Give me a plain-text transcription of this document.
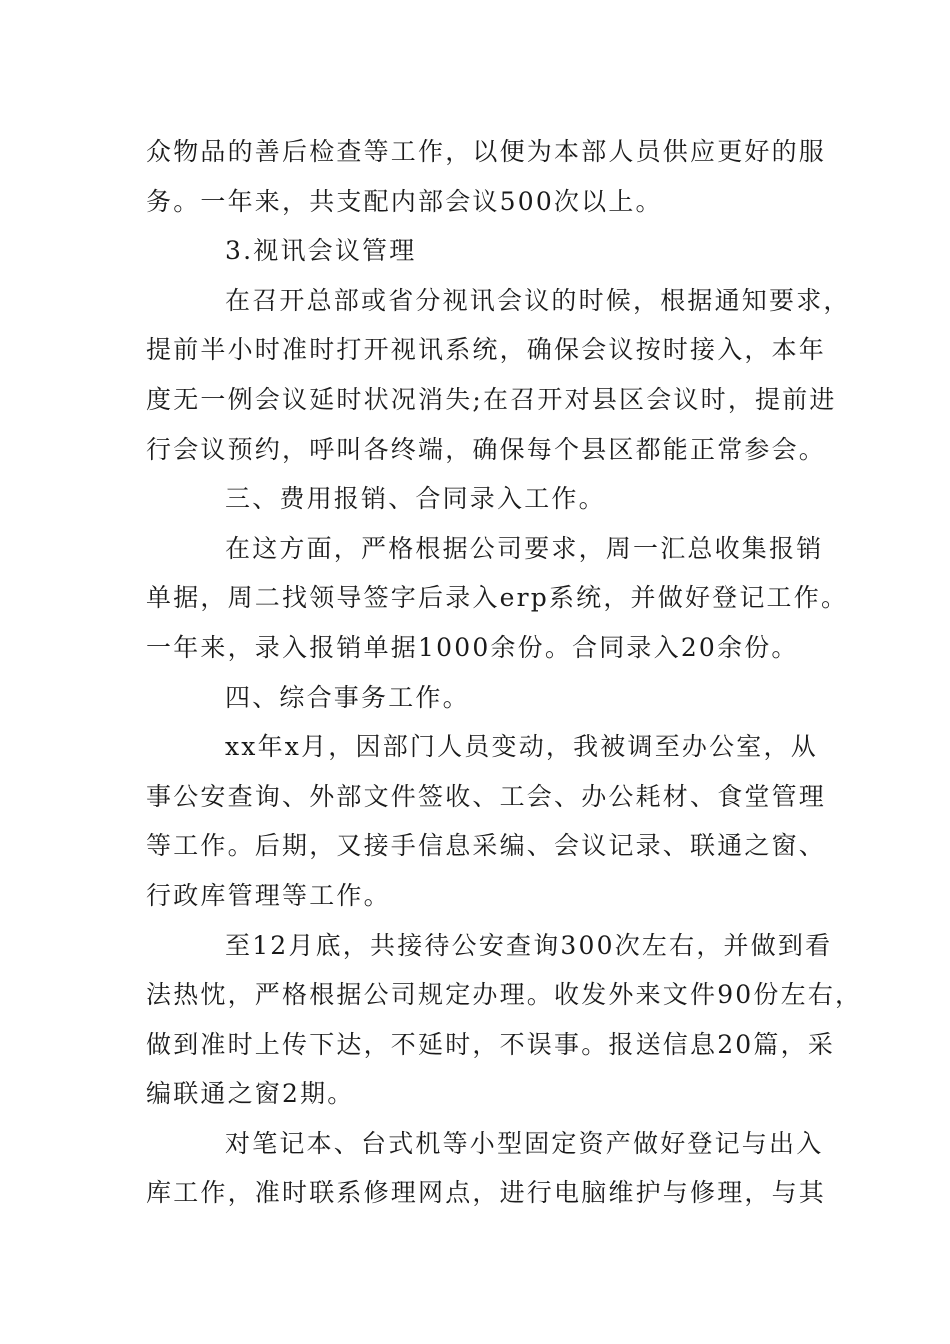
众物品的善后检查等工作，以便为本部人员供应更好的服
务。一年来，共支配内部会议500次以上。
3.视讯会议管理
在召开总部或省分视讯会议的时候，根据通知要求，
提前半小时准时打开视讯系统，确保会议按时接入，本年
度无一例会议延时状况消失;在召开对县区会议时，提前进
行会议预约，呼叫各终端，确保每个县区都能正常参会。
三、费用报销、合同录入工作。
在这方面，严格根据公司要求，周一汇总收集报销
单据，周二找领导签字后录入erp系统，并做好登记工作。
一年来，录入报销单据1000余份。合同录入20余份。
四、综合事务工作。
xx年x月，因部门人员变动，我被调至办公室，从
事公安查询、外部文件签收、工会、办公耗材、食堂管理
等工作。后期，又接手信息采编、会议记录、联通之窗、
行政库管理等工作。
至12月底，共接待公安查询300次左右，并做到看
法热忱，严格根据公司规定办理。收发外来文件90份左右，
做到准时上传下达，不延时，不误事。报送信息20篇，采
编联通之窗2期。
对笔记本、台式机等小型固定资产做好登记与出入
库工作，准时联系修理网点，进行电脑维护与修理，与其
